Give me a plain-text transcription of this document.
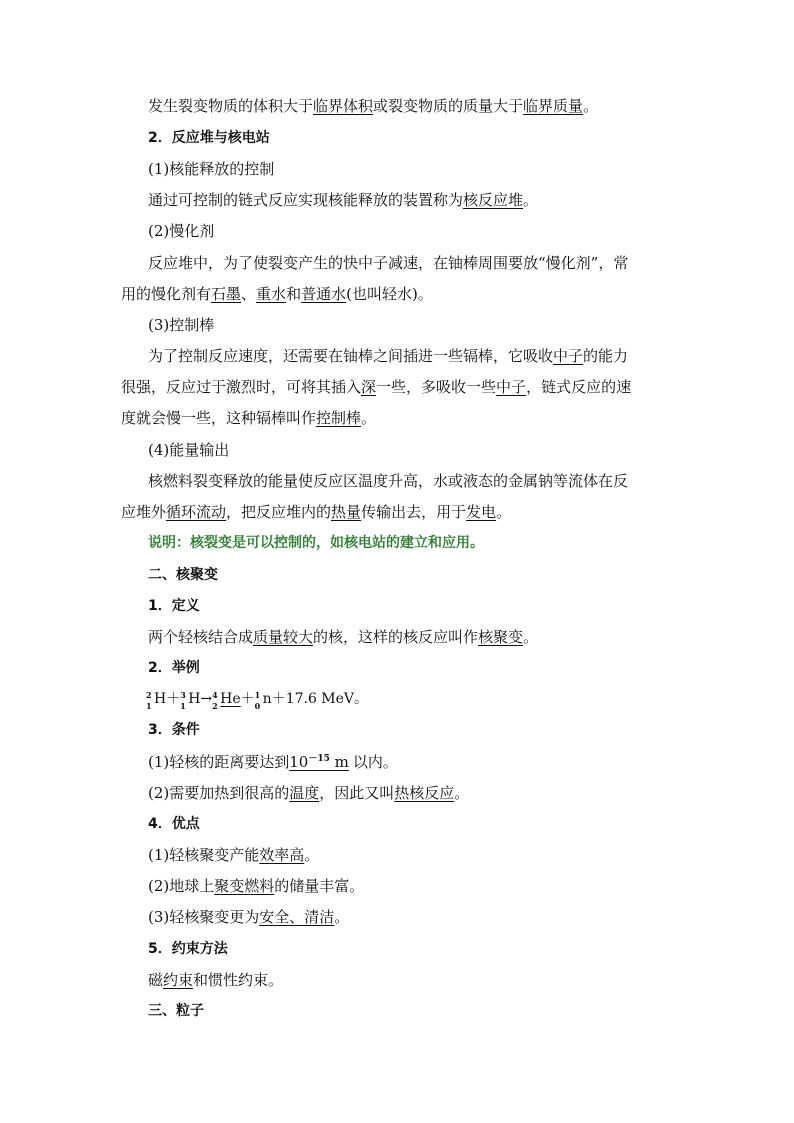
发生裂变物质的体积大于临界体积或裂变物质的质量大于临界质量。
2．反应堆与核电站
(1)核能释放的控制
通过可控制的链式反应实现核能释放的装置称为核反应堆。
(2)慢化剂
反应堆中，为了使裂变产生的快中子减速，在铀棒周围要放“慢化剂”，常
用的慢化剂有石墨、重水和普通水(也叫轻水)。
(3)控制棒
为了控制反应速度，还需要在铀棒之间插进一些镉棒，它吸收中子的能力
很强，反应过于激烈时，可将其插入深一些，多吸收一些中子，链式反应的速
度就会慢一些，这种镉棒叫作控制棒。
(4)能量输出
核燃料裂变释放的能量使反应区温度升高，水或液态的金属钠等流体在反
应堆外循环流动，把反应堆内的热量传输出去，用于发电。
说明：核裂变是可以控制的，如核电站的建立和应用。
二、核聚变
1．定义
两个轻核结合成质量较大的核，这样的核反应叫作核聚变。
2．举例
2
1 H＋ 3
1 H→ 4
2 He＋ 1
0 n＋17.6 MeV。
3．条件
(1)轻核的距离要达到$10^{-15}$ m 以内。
(2)需要加热到很高的温度，因此又叫热核反应。
4．优点
(1)轻核聚变产能效率高。
(2)地球上聚变燃料的储量丰富。
(3)轻核聚变更为安全、清洁。
5．约束方法
磁约束和惯性约束。
三、粒子
